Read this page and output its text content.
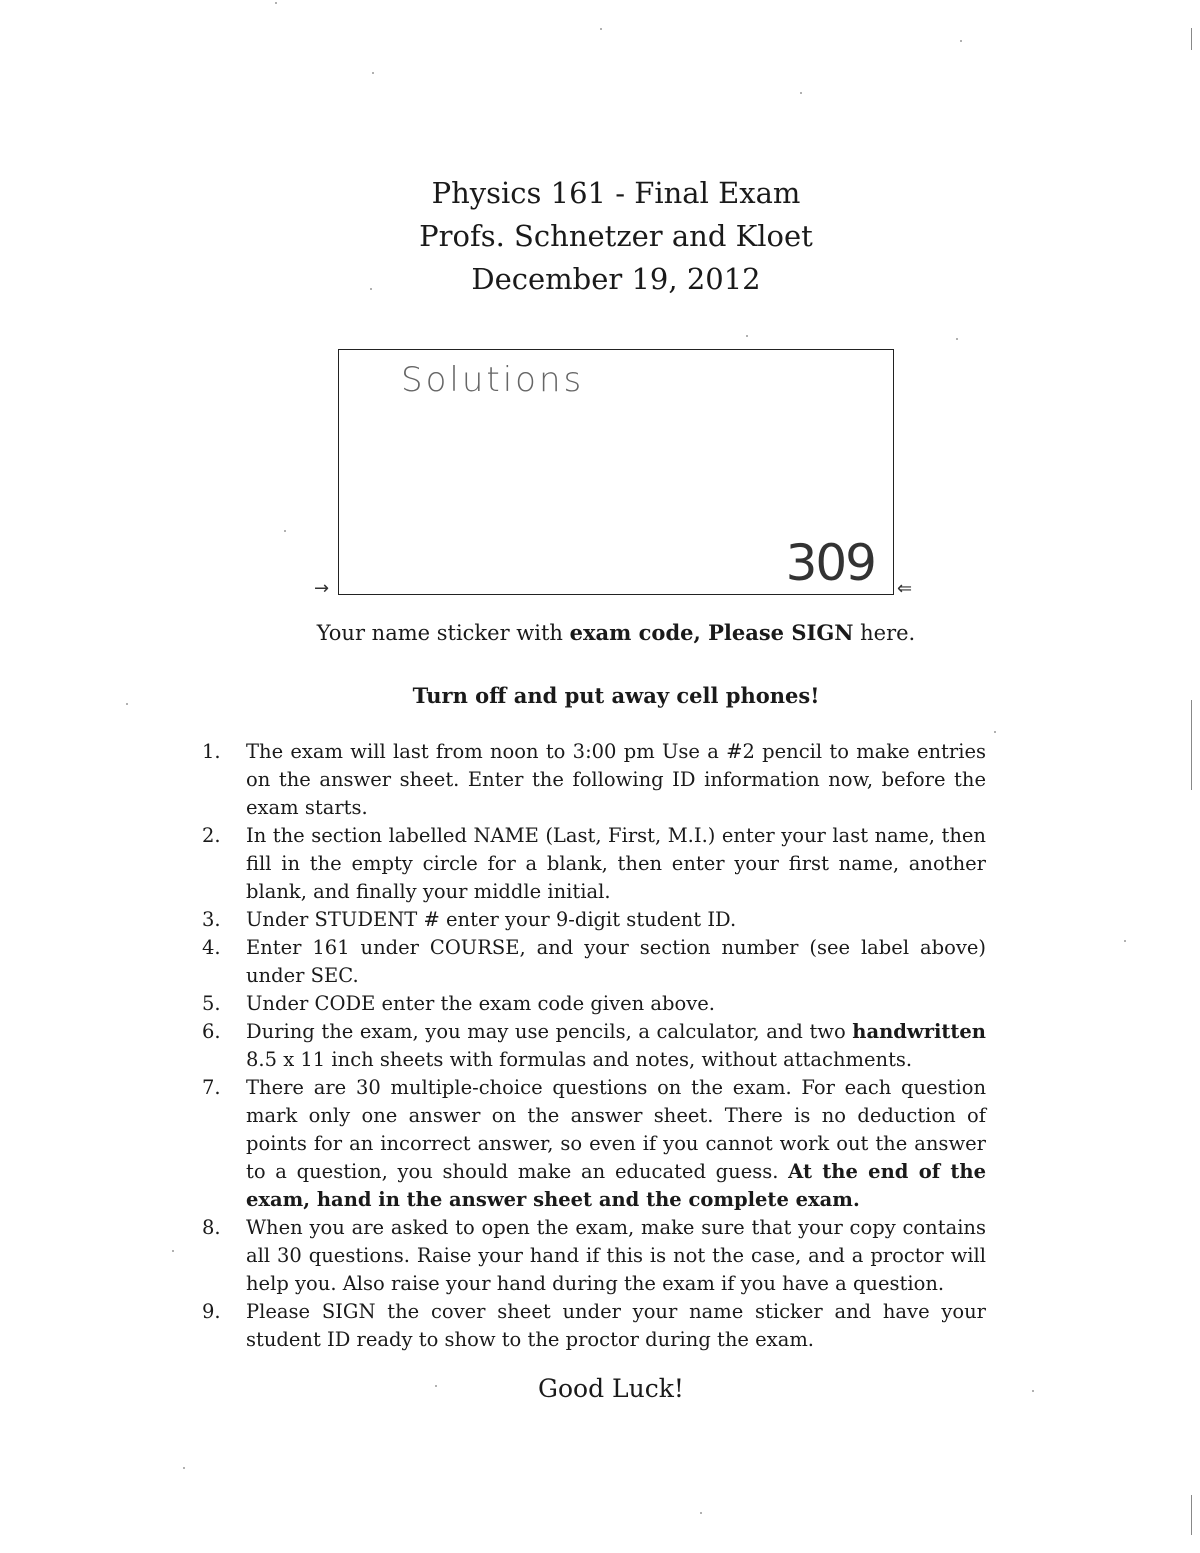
Physics 161 - Final Exam
Profs. Schnetzer and Kloet
December 19, 2012
Solutions
309
→	⇐
Your name sticker with exam code, Please SIGN here.
Turn off and put away cell phones!
1. The exam will last from noon to 3:00 pm Use a #2 pencil to make entries on the answer sheet. Enter the following ID information now, before the exam starts.
2. In the section labelled NAME (Last, First, M.I.) enter your last name, then fill in the empty circle for a blank, then enter your first name, another blank, and finally your middle initial.
3. Under STUDENT # enter your 9-digit student ID.
4. Enter 161 under COURSE, and your section number (see label above) under SEC.
5. Under CODE enter the exam code given above.
6. During the exam, you may use pencils, a calculator, and two handwritten 8.5 x 11 inch sheets with formulas and notes, without attachments.
7. There are 30 multiple-choice questions on the exam. For each question mark only one answer on the answer sheet. There is no deduction of points for an incorrect answer, so even if you cannot work out the answer to a question, you should make an educated guess. At the end of the exam, hand in the answer sheet and the complete exam.
8. When you are asked to open the exam, make sure that your copy contains all 30 questions. Raise your hand if this is not the case, and a proctor will help you. Also raise your hand during the exam if you have a question.
9. Please SIGN the cover sheet under your name sticker and have your student ID ready to show to the proctor during the exam.
Good Luck!
